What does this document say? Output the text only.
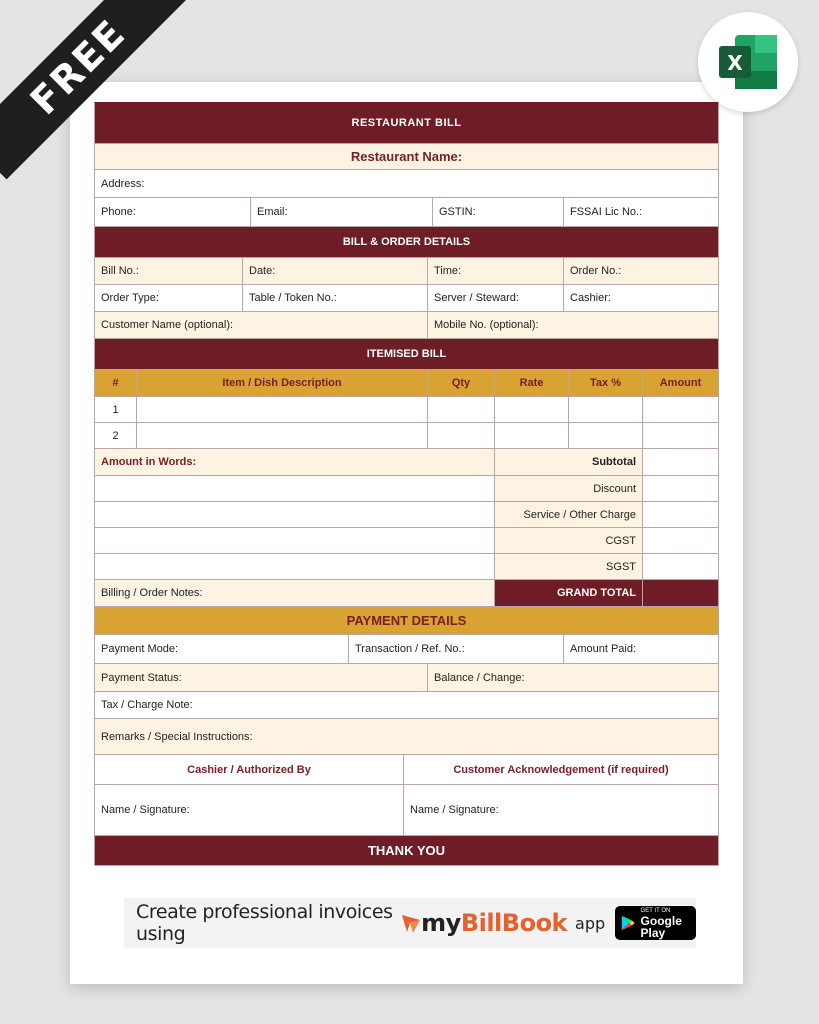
FREE	X
RESTAURANT BILL
Restaurant Name:
Address:
Phone:	Email:	GSTIN:	FSSAI Lic No.:
BILL & ORDER DETAILS
Bill No.:	Date:	Time:	Order No.:
Order Type:	Table / Token No.:	Server / Steward:	Cashier:
Customer Name (optional):	Mobile No. (optional):
ITEMISED BILL
#	Item / Dish Description	Qty	Rate	Tax %	Amount
1
2
Amount in Words:	Subtotal
Discount
Service / Other Charge
CGST
SGST
Billing / Order Notes:	GRAND TOTAL
PAYMENT DETAILS
Payment Mode:	Transaction / Ref. No.:	Amount Paid:
Payment Status:	Balance / Change:
Tax / Charge Note:
Remarks / Special Instructions:
Cashier / Authorized By	Customer Acknowledgement (if required)
Name / Signature:	Name / Signature:
THANK YOU
Create professional invoices using	my BillBook app
GET IT ON
Google Play
